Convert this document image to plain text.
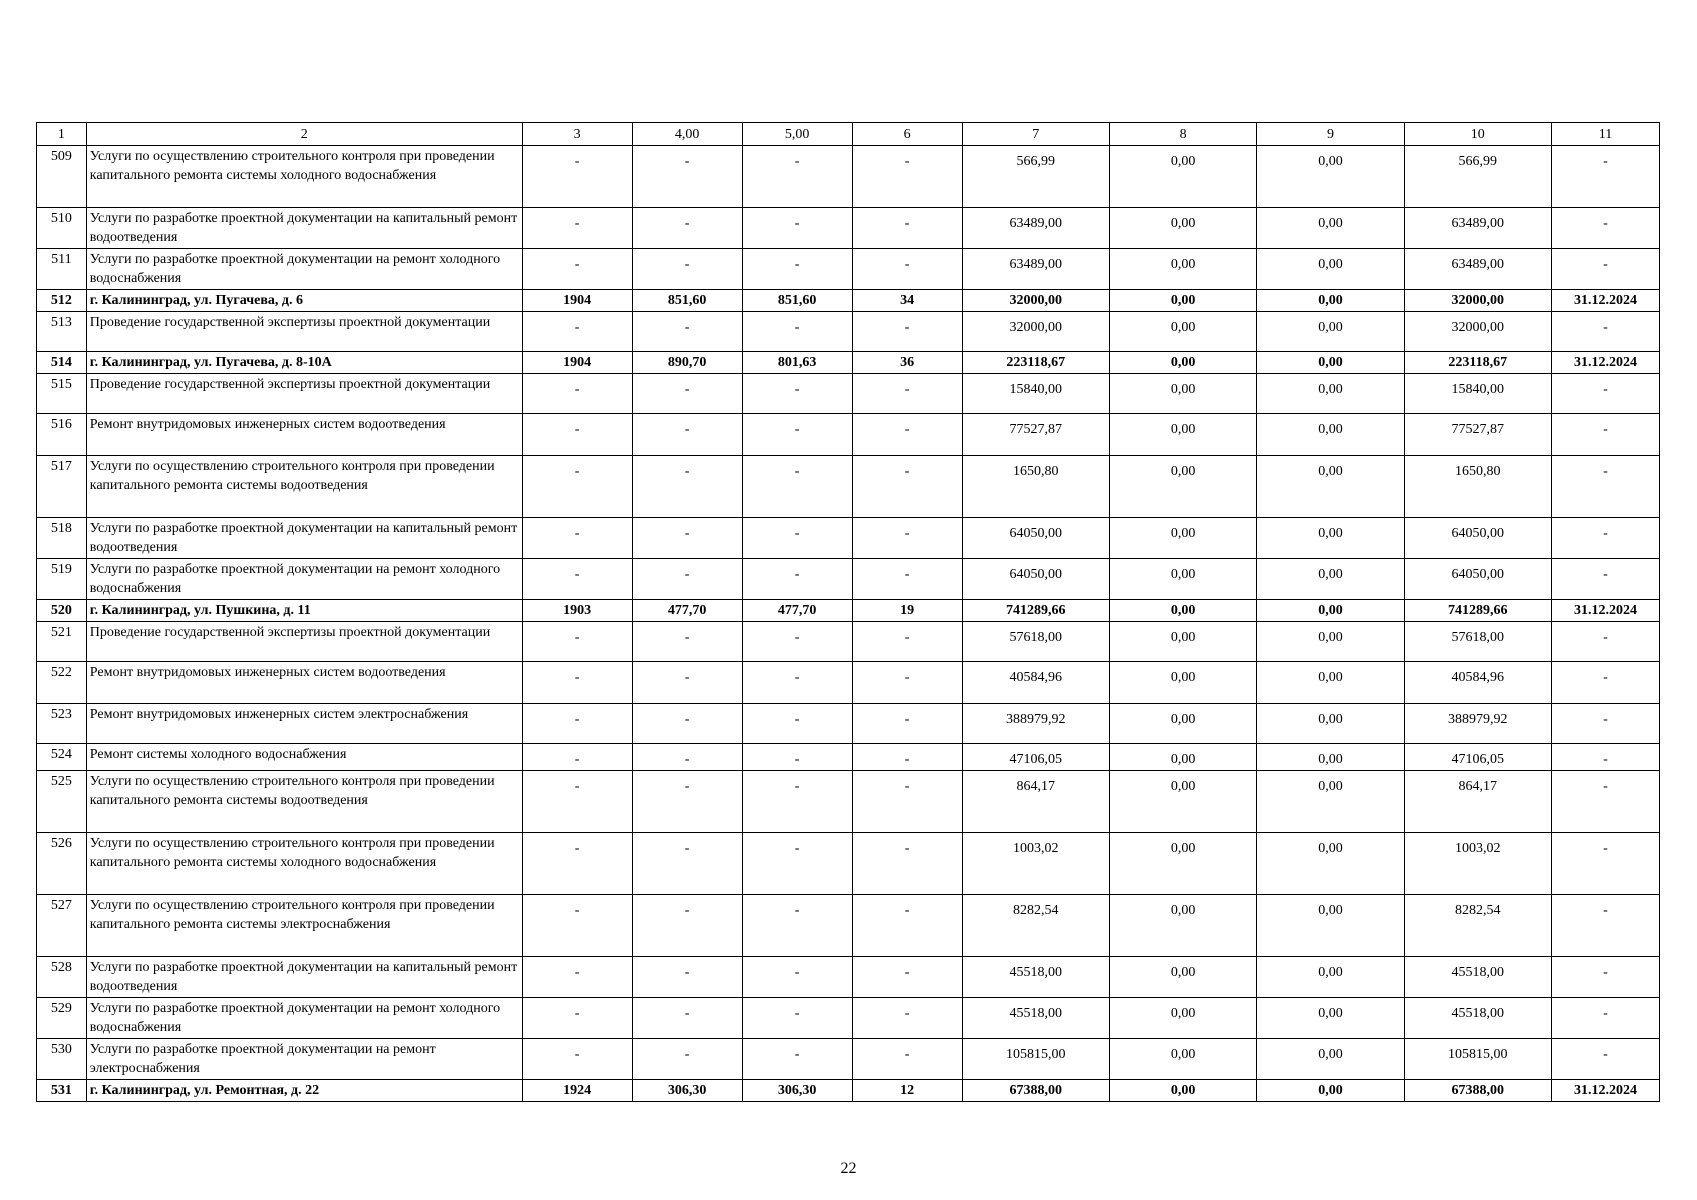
1	2	3	4,00	5,00	6	7	8	9	10	11
509	Услуги по осуществлению строительного контроля при проведении капитального ремонта системы холодного водоснабжения	-	-	-	-	566,99	0,00	0,00	566,99	-
510	Услуги по разработке проектной документации на капитальный ремонт водоотведения	-	-	-	-	63489,00	0,00	0,00	63489,00	-
511	Услуги по разработке проектной документации на ремонт холодного водоснабжения	-	-	-	-	63489,00	0,00	0,00	63489,00	-
512	г. Калининград, ул. Пугачева, д. 6	1904	851,60	851,60	34	32000,00	0,00	0,00	32000,00	31.12.2024
513	Проведение государственной экспертизы проектной документации	-	-	-	-	32000,00	0,00	0,00	32000,00	-
514	г. Калининград, ул. Пугачева, д. 8-10А	1904	890,70	801,63	36	223118,67	0,00	0,00	223118,67	31.12.2024
515	Проведение государственной экспертизы проектной документации	-	-	-	-	15840,00	0,00	0,00	15840,00	-
516	Ремонт внутридомовых инженерных систем водоотведения	-	-	-	-	77527,87	0,00	0,00	77527,87	-
517	Услуги по осуществлению строительного контроля при проведении капитального ремонта системы водоотведения	-	-	-	-	1650,80	0,00	0,00	1650,80	-
518	Услуги по разработке проектной документации на капитальный ремонт водоотведения	-	-	-	-	64050,00	0,00	0,00	64050,00	-
519	Услуги по разработке проектной документации на ремонт холодного водоснабжения	-	-	-	-	64050,00	0,00	0,00	64050,00	-
520	г. Калининград, ул. Пушкина, д. 11	1903	477,70	477,70	19	741289,66	0,00	0,00	741289,66	31.12.2024
521	Проведение государственной экспертизы проектной документации	-	-	-	-	57618,00	0,00	0,00	57618,00	-
522	Ремонт внутридомовых инженерных систем водоотведения	-	-	-	-	40584,96	0,00	0,00	40584,96	-
523	Ремонт внутридомовых инженерных систем электроснабжения	-	-	-	-	388979,92	0,00	0,00	388979,92	-
524	Ремонт системы холодного водоснабжения	-	-	-	-	47106,05	0,00	0,00	47106,05	-
525	Услуги по осуществлению строительного контроля при проведении капитального ремонта системы водоотведения	-	-	-	-	864,17	0,00	0,00	864,17	-
526	Услуги по осуществлению строительного контроля при проведении капитального ремонта системы холодного водоснабжения	-	-	-	-	1003,02	0,00	0,00	1003,02	-
527	Услуги по осуществлению строительного контроля при проведении капитального ремонта системы электроснабжения	-	-	-	-	8282,54	0,00	0,00	8282,54	-
528	Услуги по разработке проектной документации на капитальный ремонт водоотведения	-	-	-	-	45518,00	0,00	0,00	45518,00	-
529	Услуги по разработке проектной документации на ремонт холодного водоснабжения	-	-	-	-	45518,00	0,00	0,00	45518,00	-
530	Услуги по разработке проектной документации на ремонт электроснабжения	-	-	-	-	105815,00	0,00	0,00	105815,00	-
531	г. Калининград, ул. Ремонтная, д. 22	1924	306,30	306,30	12	67388,00	0,00	0,00	67388,00	31.12.2024
22
